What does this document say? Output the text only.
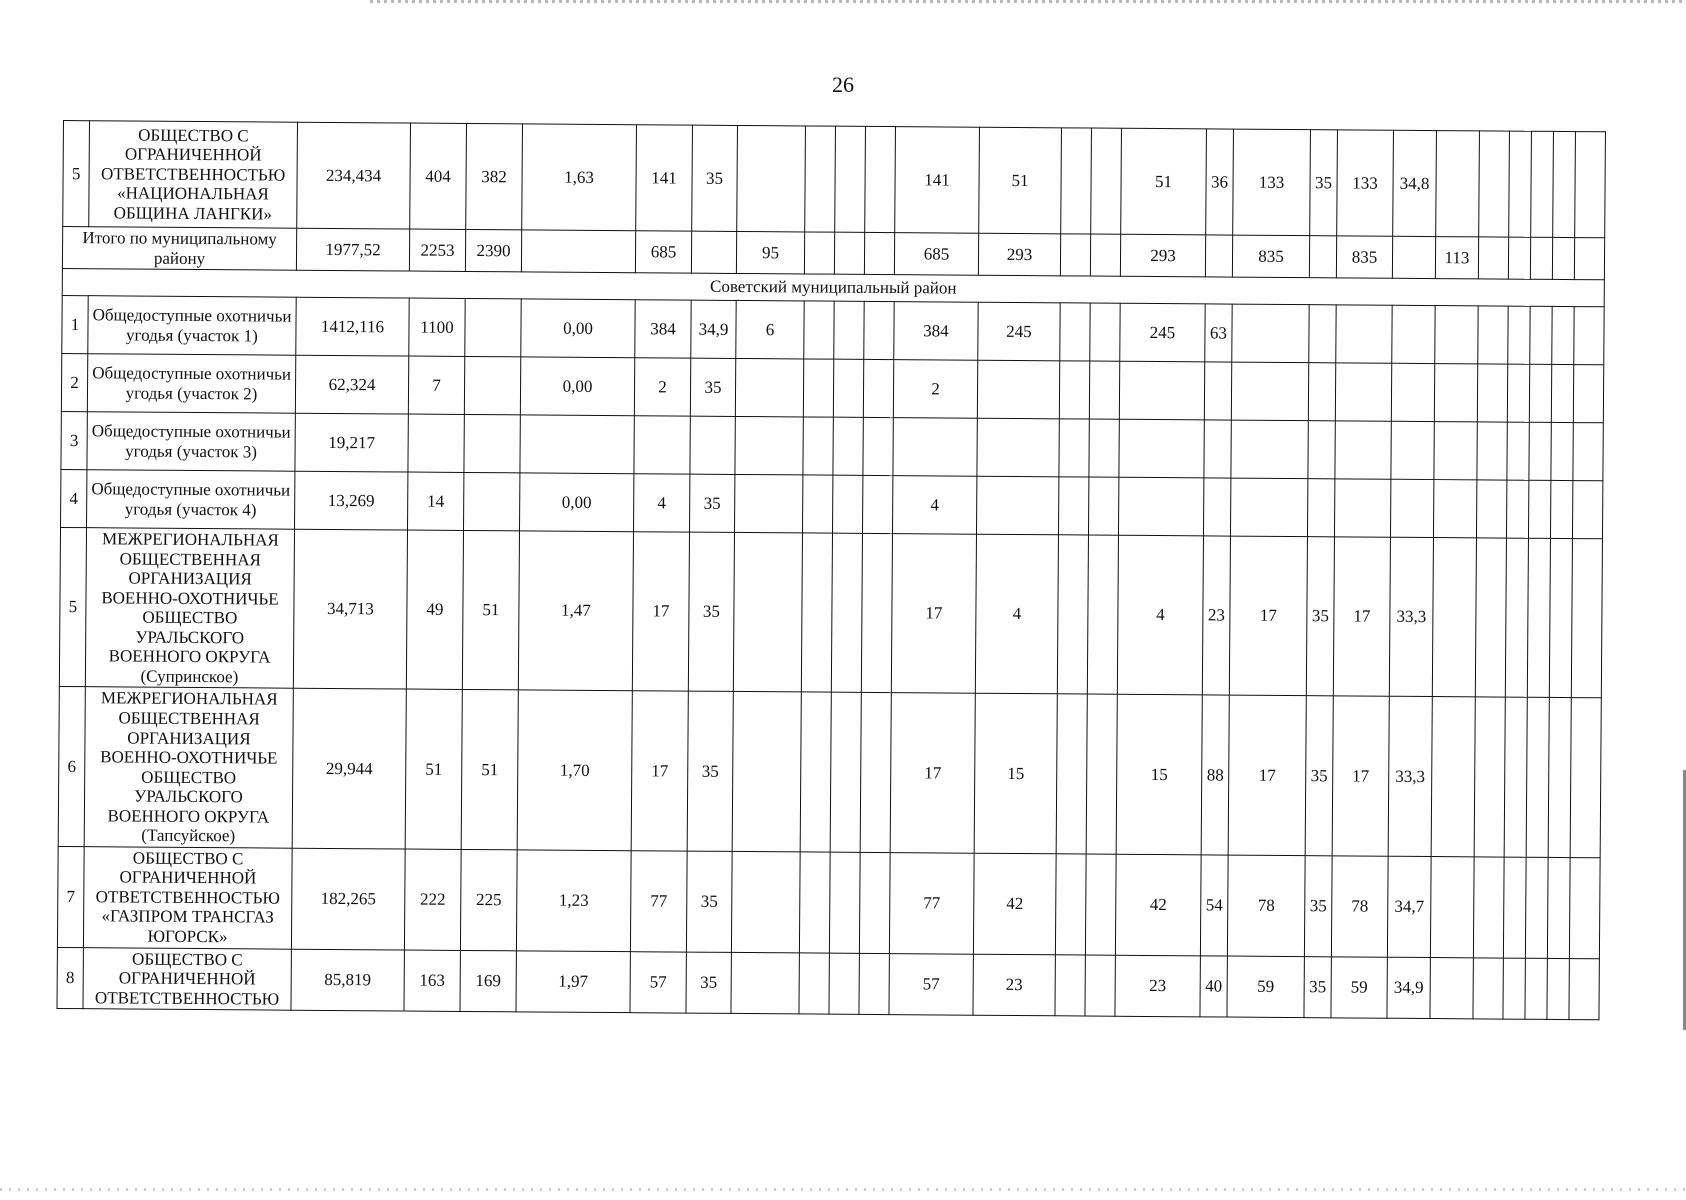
26
5	ОБЩЕСТВО С ОГРАНИЧЕННОЙ ОТВЕТСТВЕННОСТЬЮ «НАЦИОНАЛЬНАЯ ОБЩИНА ЛАНГКИ»	234,434	404	382	1,63	141	35					141	51			51	36	133	35	133	34,8						
Итого по муниципальному району		1977,52	2253	2390		685		95				685	293			293		835		835		113					
Советский муниципальный район																											
1	Общедоступные охотничьи угодья (участок 1)	1412,116	1100		0,00	384	34,9	6				384	245			245	63										
2	Общедоступные охотничьи угодья (участок 2)	62,324	7		0,00	2	35					2															
3	Общедоступные охотничьи угодья (участок 3)	19,217																									
4	Общедоступные охотничьи угодья (участок 4)	13,269	14		0,00	4	35					4															
5	МЕЖРЕГИОНАЛЬНАЯ ОБЩЕСТВЕННАЯ ОРГАНИЗАЦИЯ ВОЕННО-ОХОТНИЧЬЕ ОБЩЕСТВО УРАЛЬСКОГО ВОЕННОГО ОКРУГА (Супринское)	34,713	49	51	1,47	17	35					17	4			4	23	17	35	17	33,3						
6	МЕЖРЕГИОНАЛЬНАЯ ОБЩЕСТВЕННАЯ ОРГАНИЗАЦИЯ ВОЕННО-ОХОТНИЧЬЕ ОБЩЕСТВО УРАЛЬСКОГО ВОЕННОГО ОКРУГА (Тапсуйское)	29,944	51	51	1,70	17	35					17	15			15	88	17	35	17	33,3						
7	ОБЩЕСТВО С ОГРАНИЧЕННОЙ ОТВЕТСТВЕННОСТЬЮ «ГАЗПРОМ ТРАНСГАЗ ЮГОРСК»	182,265	222	225	1,23	77	35					77	42			42	54	78	35	78	34,7						
8	ОБЩЕСТВО С ОГРАНИЧЕННОЙ ОТВЕТСТВЕННОСТЬЮ	85,819	163	169	1,97	57	35					57	23			23	40	59	35	59	34,9						
